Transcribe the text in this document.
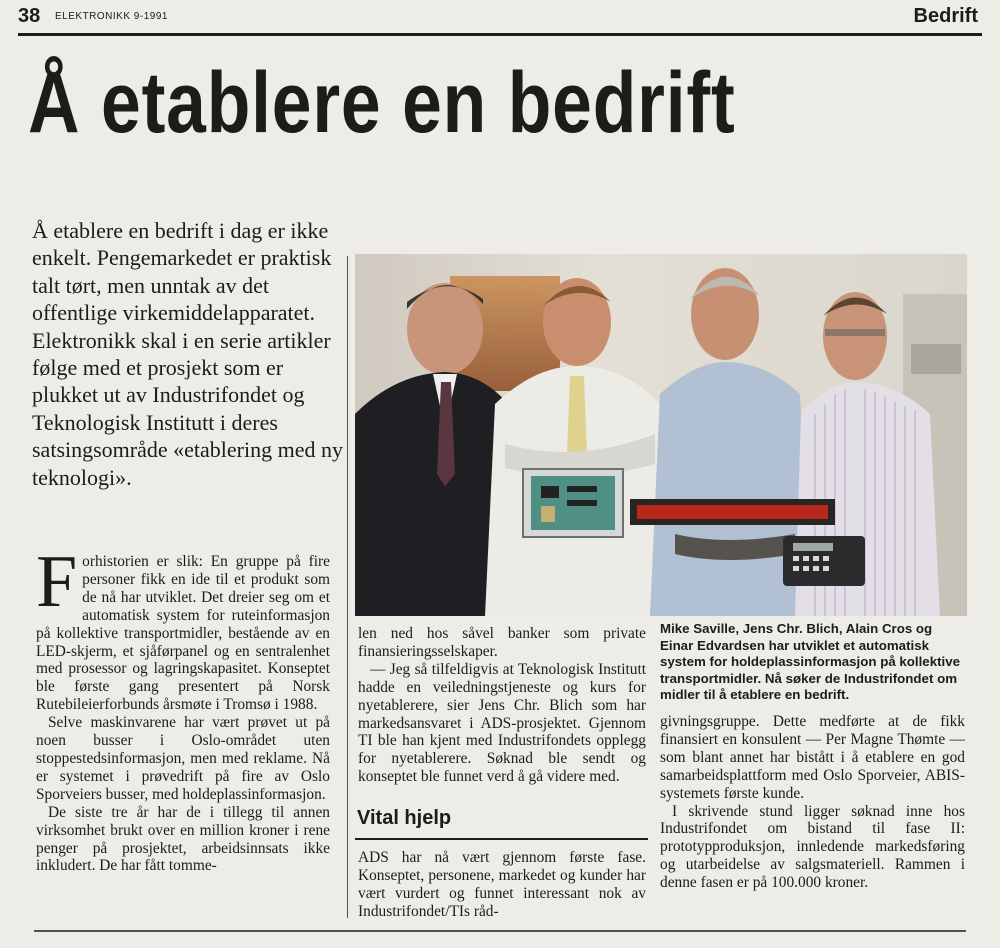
38 ELEKTRONIKK 9-1991	Bedrift
Å etablere en bedrift
Å etablere en bedrift i dag er ikke enkelt. Pengemarkedet er praktisk talt tørt, men unntak av det offentlige virkemiddelapparatet. Elektronikk skal i en serie artikler følge med et prosjekt som er plukket ut av Industrifondet og Teknologisk Institutt i deres satsingsområde «etablering med ny teknologi».
Mike Saville, Jens Chr. Blich, Alain Cros og Einar Edvardsen har utviklet et automatisk system for holdeplassinformasjon på kollektive transportmidler. Nå søker de Industrifondet om midler til å etablere en bedrift.

Forhistorien er slik: En gruppe på fire personer fikk en ide til et produkt som de nå har utviklet. Det dreier seg om et automatisk system for ruteinformasjon på kollektive transportmidler, bestående av en LED-skjerm, et sjåførpanel og en sentralenhet med prosessor og lagringskapasitet. Konseptet ble første gang presentert på Norsk Rutebileierforbunds årsmøte i Tromsø i 1988.

Selve maskinvarene har vært prøvet ut på noen busser i Oslo-området uten stoppestedsinformasjon, men med reklame. Nå er systemet i prøvedrift på fire av Oslo Sporveiers busser, med holdeplassinformasjon.

De siste tre år har de i tillegg til annen virksomhet brukt over en million kroner i rene penger på prosjektet, arbeidsinnsats ikke inkludert. De har fått tomme-

len ned hos såvel banker som private finansieringsselskaper.

— Jeg så tilfeldigvis at Teknologisk Institutt hadde en veiledningstjeneste og kurs for nyetablerere, sier Jens Chr. Blich som har markedsansvaret i ADS-prosjektet. Gjennom TI ble han kjent med Industrifondets opplegg for nyetablerere. Søknad ble sendt og konseptet ble funnet verd å gå videre med.

Vital hjelp

ADS har nå vært gjennom første fase. Konseptet, personene, markedet og kunder har vært vurdert og funnet interessant nok av Industrifondet/TIs råd-

givningsgruppe. Dette medførte at de fikk finansiert en konsulent — Per Magne Thømte — som blant annet har bistått i å etablere en god samarbeidsplattform med Oslo Sporveier, ABIS-systemets første kunde.

I skrivende stund ligger søknad inne hos Industrifondet om bistand til fase II: prototypproduksjon, innledende markedsføring og utarbeidelse av salgsmateriell. Rammen i denne fasen er på 100.000 kroner.
